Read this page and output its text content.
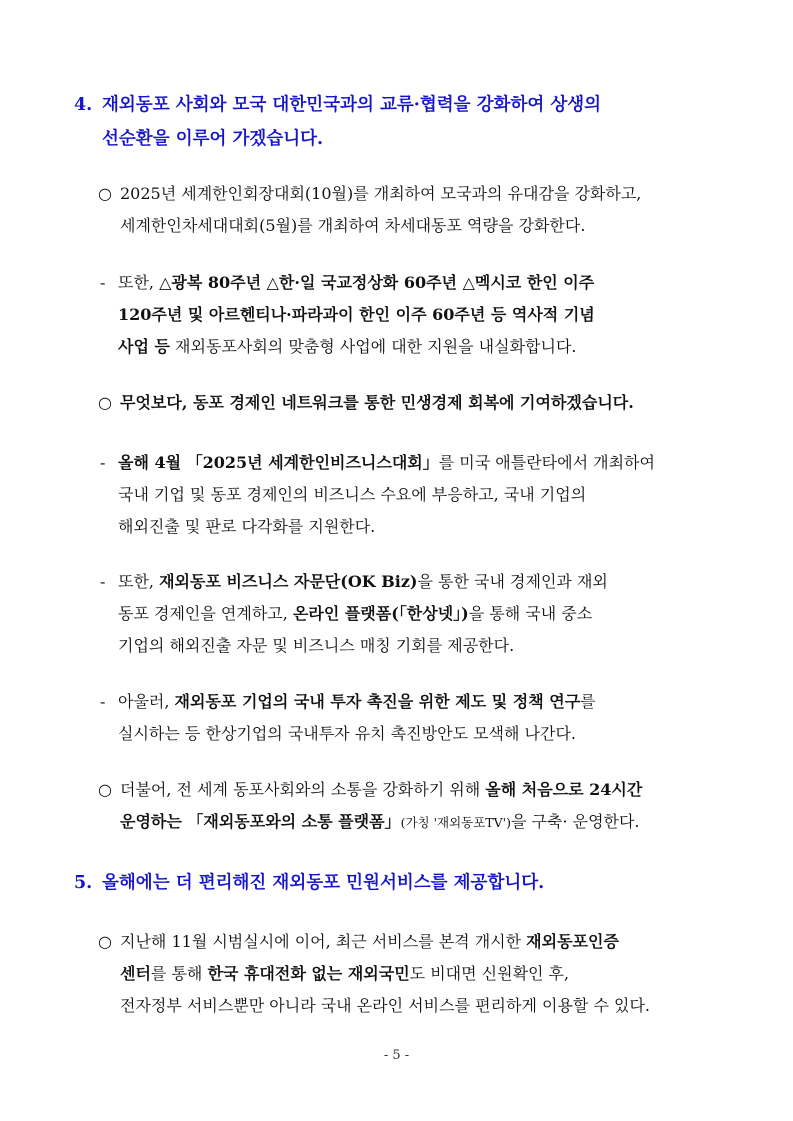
4. 재외동포 사회와 모국 대한민국과의 교류·협력을 강화하여 상생의
선순환을 이루어 가겠습니다.
○ 2025년 세계한인회장대회(10월)를 개최하여 모국과의 유대감을 강화하고,
세계한인차세대대회(5월)를 개최하여 차세대동포 역량을 강화한다.
- 또한, △광복 80주년 △한·일 국교정상화 60주년 △멕시코 한인 이주
120주년 및 아르헨티나·파라과이 한인 이주 60주년 등 역사적 기념
사업 등 재외동포사회의 맞춤형 사업에 대한 지원을 내실화합니다.
○ 무엇보다, 동포 경제인 네트워크를 통한 민생경제 회복에 기여하겠습니다.
- 올해 4월 「2025년 세계한인비즈니스대회」를 미국 애틀란타에서 개최하여
국내 기업 및 동포 경제인의 비즈니스 수요에 부응하고, 국내 기업의
해외진출 및 판로 다각화를 지원한다.
- 또한, 재외동포 비즈니스 자문단(OK Biz)을 통한 국내 경제인과 재외
동포 경제인을 연계하고, 온라인 플랫폼(「한상넷」)을 통해 국내 중소
기업의 해외진출 자문 및 비즈니스 매칭 기회를 제공한다.
- 아울러, 재외동포 기업의 국내 투자 촉진을 위한 제도 및 정책 연구를
실시하는 등 한상기업의 국내투자 유치 촉진방안도 모색해 나간다.
○ 더불어, 전 세계 동포사회와의 소통을 강화하기 위해 올해 처음으로 24시간
운영하는 「재외동포와의 소통 플랫폼」(가칭 '재외동포TV')을 구축· 운영한다.
5. 올해에는 더 편리해진 재외동포 민원서비스를 제공합니다.
○ 지난해 11월 시범실시에 이어, 최근 서비스를 본격 개시한 재외동포인증
센터를 통해 한국 휴대전화 없는 재외국민도 비대면 신원확인 후,
전자정부 서비스뿐만 아니라 국내 온라인 서비스를 편리하게 이용할 수 있다.
- 5 -
